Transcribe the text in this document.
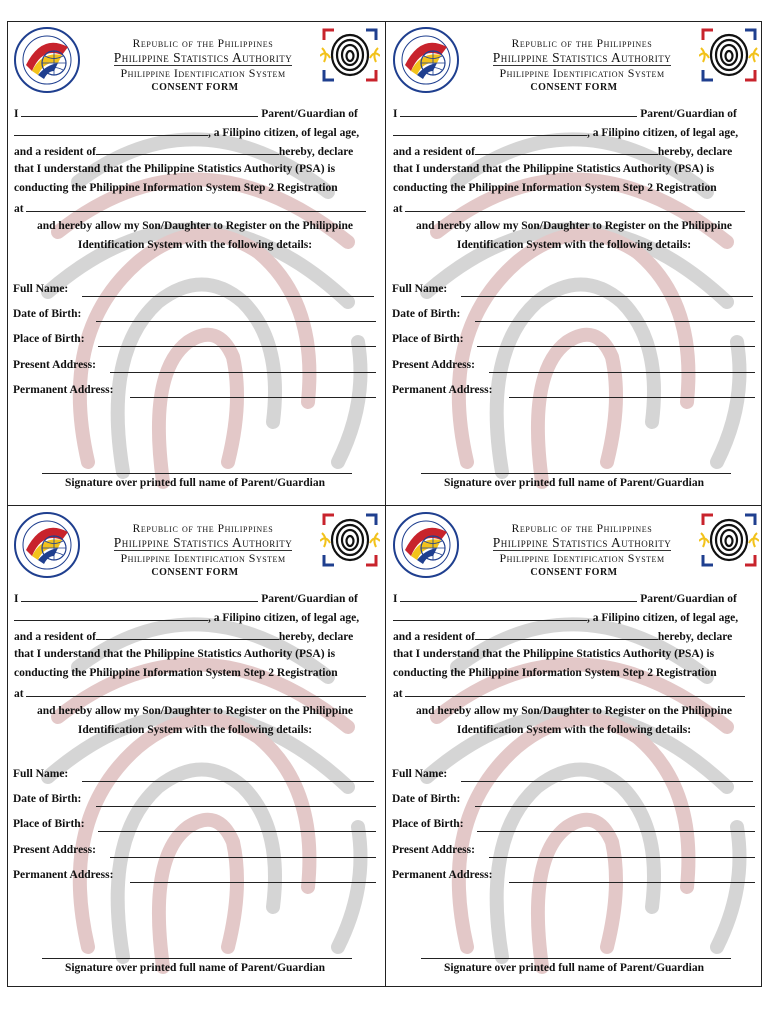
Republic of the Philippines
Philippine Statistics Authority
Philippine Identification System
CONSENT FORM
I	Parent/Guardian of
, a Filipino citizen, of legal age,
and a resident of	hereby, declare
that I understand that the Philippine Statistics Authority (PSA) is
conducting the Philippine Information System Step 2 Registration
at
and hereby allow my Son/Daughter to Register on the Philippine
Identification System with the following details:
Full Name:
Date of Birth:
Place of Birth:
Present Address:
Permanent Address:
Signature over printed full name of Parent/Guardian
Republic of the Philippines
Philippine Statistics Authority
Philippine Identification System
CONSENT FORM
I	Parent/Guardian of
, a Filipino citizen, of legal age,
and a resident of	hereby, declare
that I understand that the Philippine Statistics Authority (PSA) is
conducting the Philippine Information System Step 2 Registration
at
and hereby allow my Son/Daughter to Register on the Philippine
Identification System with the following details:
Full Name:
Date of Birth:
Place of Birth:
Present Address:
Permanent Address:
Signature over printed full name of Parent/Guardian
Republic of the Philippines
Philippine Statistics Authority
Philippine Identification System
CONSENT FORM
I	Parent/Guardian of
, a Filipino citizen, of legal age,
and a resident of	hereby, declare
that I understand that the Philippine Statistics Authority (PSA) is
conducting the Philippine Information System Step 2 Registration
at
and hereby allow my Son/Daughter to Register on the Philippine
Identification System with the following details:
Full Name:
Date of Birth:
Place of Birth:
Present Address:
Permanent Address:
Signature over printed full name of Parent/Guardian
Republic of the Philippines
Philippine Statistics Authority
Philippine Identification System
CONSENT FORM
I	Parent/Guardian of
, a Filipino citizen, of legal age,
and a resident of	hereby, declare
that I understand that the Philippine Statistics Authority (PSA) is
conducting the Philippine Information System Step 2 Registration
at
and hereby allow my Son/Daughter to Register on the Philippine
Identification System with the following details:
Full Name:
Date of Birth:
Place of Birth:
Present Address:
Permanent Address:
Signature over printed full name of Parent/Guardian
